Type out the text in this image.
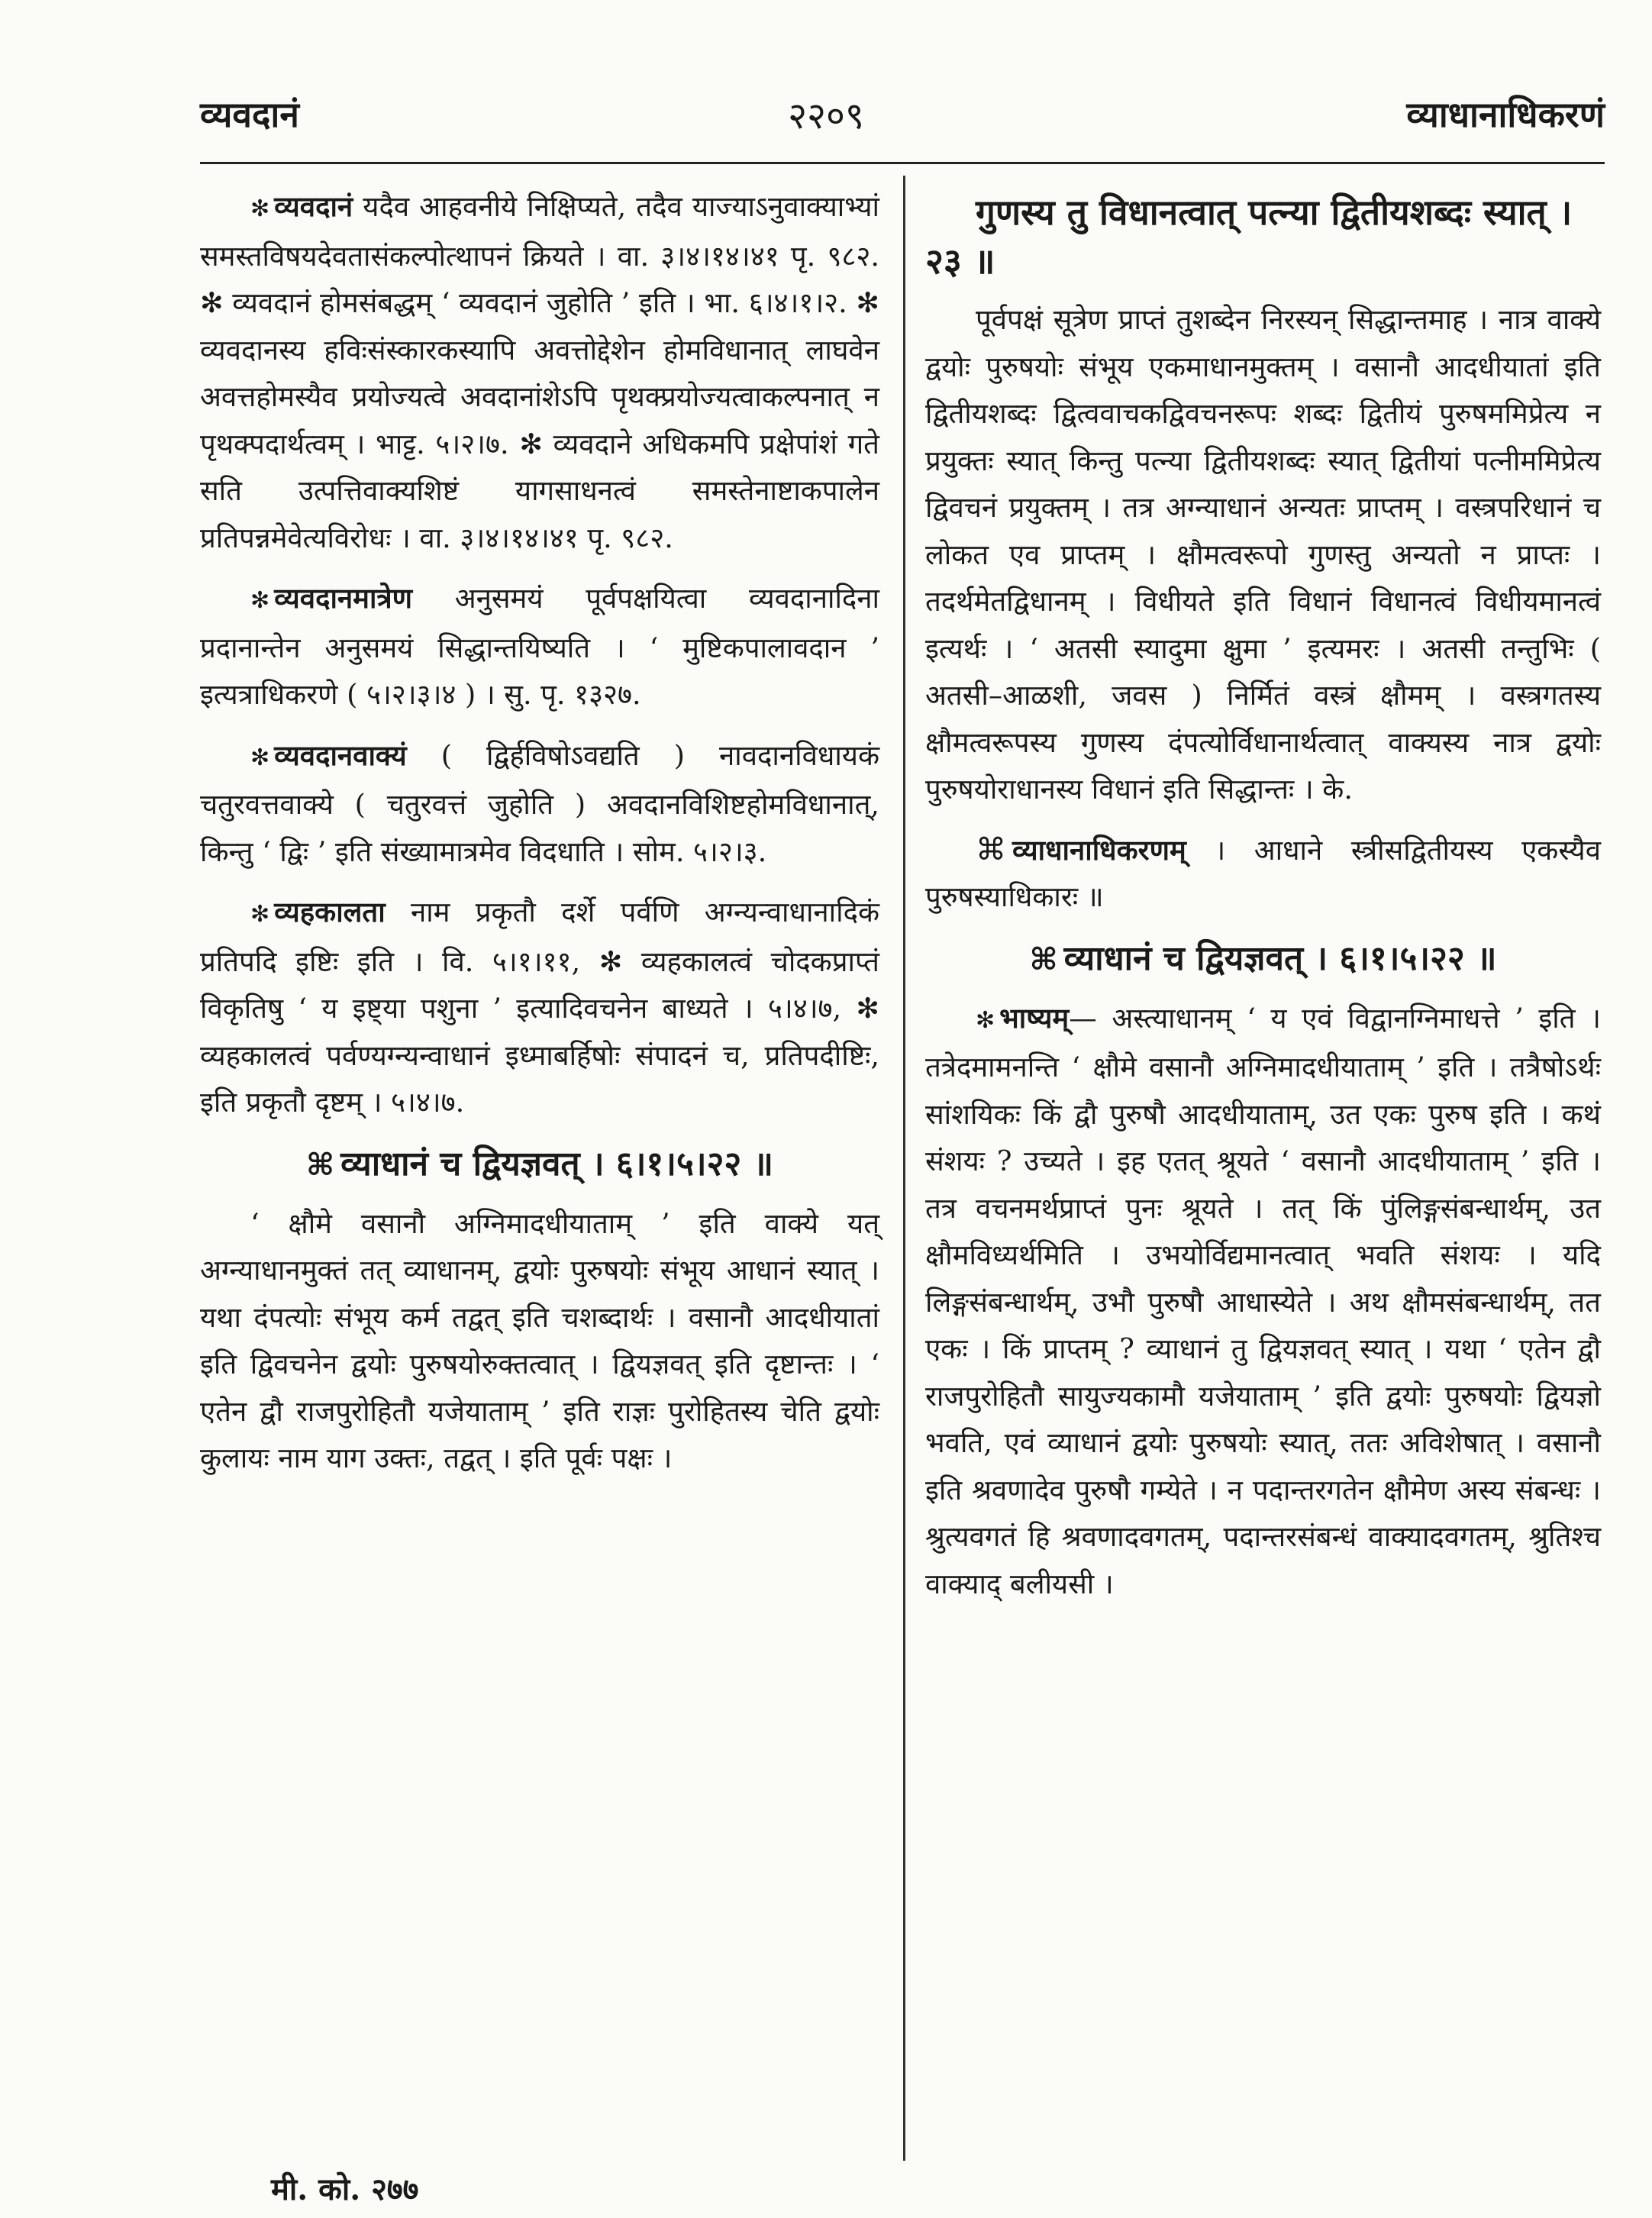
२२०९
व्यवदानं	व्याधानाधिकरणं

✻ व्यवदानं यदैव आहवनीये निक्षिप्यते, तदैव याज्याऽनुवाक्याभ्यां समस्तविषयदेवतासंकल्पोत्थापनं क्रियते । वा. ३।४।१४।४१ पृ. ९८२. ✻ व्यवदानं होमसंबद्धम् ‘ व्यवदानं जुहोति ’ इति । भा. ६।४।१।२. ✻ व्यवदानस्य हविःसंस्कारकस्यापि अवत्तोद्देशेन होमविधानात् लाघवेन अवत्तहोमस्यैव प्रयोज्यत्वे अवदानांशेऽपि पृथक्प्रयोज्यत्वाकल्पनात् न पृथक्पदार्थत्वम् । भाट्ट. ५।२।७. ✻ व्यवदाने अधिकमपि प्रक्षेपांशं गते सति उत्पत्तिवाक्यशिष्टं यागसाधनत्वं समस्तेनाष्टाकपालेन प्रतिपन्नमेवेत्यविरोधः । वा. ३।४।१४।४१ पृ. ९८२.

✻ व्यवदानमात्रेण अनुसमयं पूर्वपक्षयित्वा व्यवदानादिना प्रदानान्तेन अनुसमयं सिद्धान्तयिष्यति । ‘ मुष्टिकपालावदान ’ इत्यत्राधिकरणे ( ५।२।३।४ ) । सु. पृ. १३२७.

✻ व्यवदानवाक्यं ( द्विर्हविषोऽवद्यति ) नावदानविधायकं चतुरवत्तवाक्ये ( चतुरवत्तं जुहोति ) अवदानविशिष्टहोमविधानात्, किन्तु ‘ द्विः ’ इति संख्यामात्रमेव विदधाति । सोम. ५।२।३.

✻ व्यहकालता नाम प्रकृतौ दर्शे पर्वणि अग्न्यन्वाधानादिकं प्रतिपदि इष्टिः इति । वि. ५।१।११, ✻ व्यहकालत्वं चोदकप्राप्तं विकृतिषु ‘ य इष्ट्या पशुना ’ इत्यादिवचनेन बाध्यते । ५।४।७, ✻ व्यहकालत्वं पर्वण्यग्न्यन्वाधानं इध्माबर्हिषोः संपादनं च, प्रतिपदीष्टिः, इति प्रकृतौ दृष्टम् । ५।४।७.

⌘ व्याधानं च द्वियज्ञवत् । ६।१।५।२२ ॥

‘ क्षौमे वसानौ अग्निमादधीयाताम् ’ इति वाक्ये यत् अग्न्याधानमुक्तं तत् व्याधानम्, द्वयोः पुरुषयोः संभूय आधानं स्यात् । यथा दंपत्योः संभूय कर्म तद्वत् इति चशब्दार्थः । वसानौ आदधीयातां इति द्विवचनेन द्वयोः पुरुषयोरुक्तत्वात् । द्वियज्ञवत् इति दृष्टान्तः । ‘ एतेन द्वौ राजपुरोहितौ यजेयाताम् ’ इति राज्ञः पुरोहितस्य चेति द्वयोः कुलायः नाम याग उक्तः, तद्वत् । इति पूर्वः पक्षः ।

गुणस्य तु विधानत्वात् पत्न्या द्वितीयशब्दः स्यात् । २३ ॥

पूर्वपक्षं सूत्रेण प्राप्तं तुशब्देन निरस्यन् सिद्धान्तमाह । नात्र वाक्ये द्वयोः पुरुषयोः संभूय एकमाधानमुक्तम् । वसानौ आदधीयातां इति द्वितीयशब्दः द्वित्ववाचकद्विवचनरूपः शब्दः द्वितीयं पुरुषममिप्रेत्य न प्रयुक्तः स्यात् किन्तु पत्न्या द्वितीयशब्दः स्यात् द्वितीयां पत्नीममिप्रेत्य द्विवचनं प्रयुक्तम् । तत्र अग्न्याधानं अन्यतः प्राप्तम् । वस्त्रपरिधानं च लोकत एव प्राप्तम् । क्षौमत्वरूपो गुणस्तु अन्यतो न प्राप्तः । तदर्थमेतद्विधानम् । विधीयते इति विधानं विधानत्वं विधीयमानत्वं इत्यर्थः । ‘ अतसी स्यादुमा क्षुमा ’ इत्यमरः । अतसी तन्तुभिः ( अतसी–आळशी, जवस ) निर्मितं वस्त्रं क्षौमम् । वस्त्रगतस्य क्षौमत्वरूपस्य गुणस्य दंपत्योर्विधानार्थत्वात् वाक्यस्य नात्र द्वयोः पुरुषयोराधानस्य विधानं इति सिद्धान्तः । के.

⌘ व्याधानाधिकरणम् । आधाने स्त्रीसद्वितीयस्य एकस्यैव पुरुषस्याधिकारः ॥

⌘ व्याधानं च द्वियज्ञवत् । ६।१।५।२२ ॥

✻ भाष्यम्— अस्त्याधानम् ‘ य एवं विद्वानग्निमाधत्ते ’ इति । तत्रेदमामनन्ति ‘ क्षौमे वसानौ अग्निमादधीयाताम् ’ इति । तत्रैषोऽर्थः सांशयिकः किं द्वौ पुरुषौ आदधीयाताम्, उत एकः पुरुष इति । कथं संशयः ? उच्यते । इह एतत् श्रूयते ‘ वसानौ आदधीयाताम् ’ इति । तत्र वचनमर्थप्राप्तं पुनः श्रूयते । तत् किं पुंलिङ्गसंबन्धार्थम्, उत क्षौमविध्यर्थमिति । उभयोर्विद्यमानत्वात् भवति संशयः । यदि लिङ्गसंबन्धार्थम्, उभौ पुरुषौ आधास्येते । अथ क्षौमसंबन्धार्थम्, तत एकः । किं प्राप्तम् ? व्याधानं तु द्वियज्ञवत् स्यात् । यथा ‘ एतेन द्वौ राजपुरोहितौ सायुज्यकामौ यजेयाताम् ’ इति द्वयोः पुरुषयोः द्वियज्ञो भवति, एवं व्याधानं द्वयोः पुरुषयोः स्यात्, ततः अविशेषात् । वसानौ इति श्रवणादेव पुरुषौ गम्येते । न पदान्तरगतेन क्षौमेण अस्य संबन्धः । श्रुत्यवगतं हि श्रवणादवगतम्, पदान्तरसंबन्धं वाक्यादवगतम्, श्रुतिश्च वाक्याद् बलीयसी ।

मी. को. २७७
